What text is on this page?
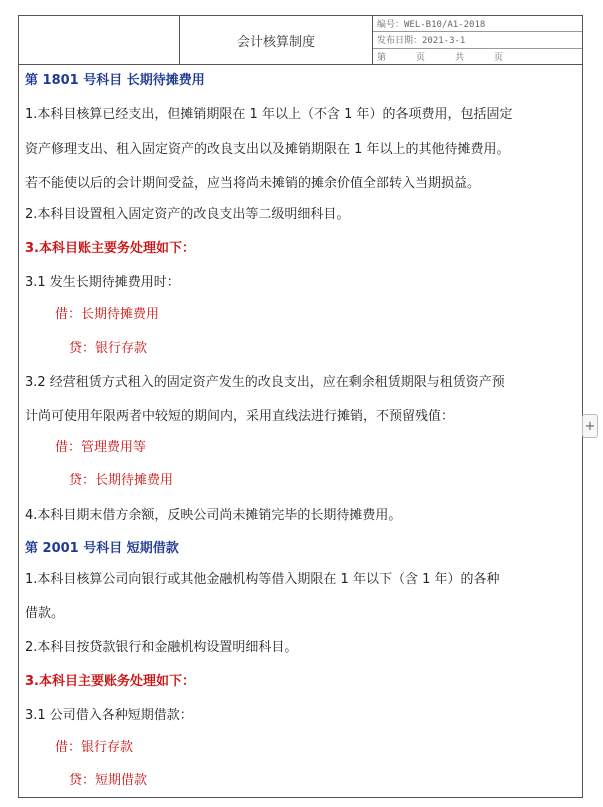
会计核算制度
编号：WEL-B10/A1-2018
发布日期：2021-3-1
第	页	共	页
第 1801 号科目 长期待摊费用
1.本科目核算已经支出，但摊销期限在 1 年以上（不含 1 年）的各项费用，包括固定
资产修理支出、租入固定资产的改良支出以及摊销期限在 1 年以上的其他待摊费用。
若不能使以后的会计期间受益，应当将尚未摊销的摊余价值全部转入当期损益。
2.本科目设置租入固定资产的改良支出等二级明细科目。
3.本科目账主要务处理如下：
3.1 发生长期待摊费用时：
借：长期待摊费用
贷：银行存款
3.2 经营租赁方式租入的固定资产发生的改良支出，应在剩余租赁期限与租赁资产预
计尚可使用年限两者中较短的期间内，采用直线法进行摊销，不预留残值：
借：管理费用等
贷：长期待摊费用
4.本科目期末借方余额，反映公司尚未摊销完毕的长期待摊费用。
第 2001 号科目 短期借款
1.本科目核算公司向银行或其他金融机构等借入期限在 1 年以下（含 1 年）的各种
借款。
2.本科目按贷款银行和金融机构设置明细科目。
3.本科目主要账务处理如下：
3.1 公司借入各种短期借款：
借：银行存款
贷：短期借款
+
